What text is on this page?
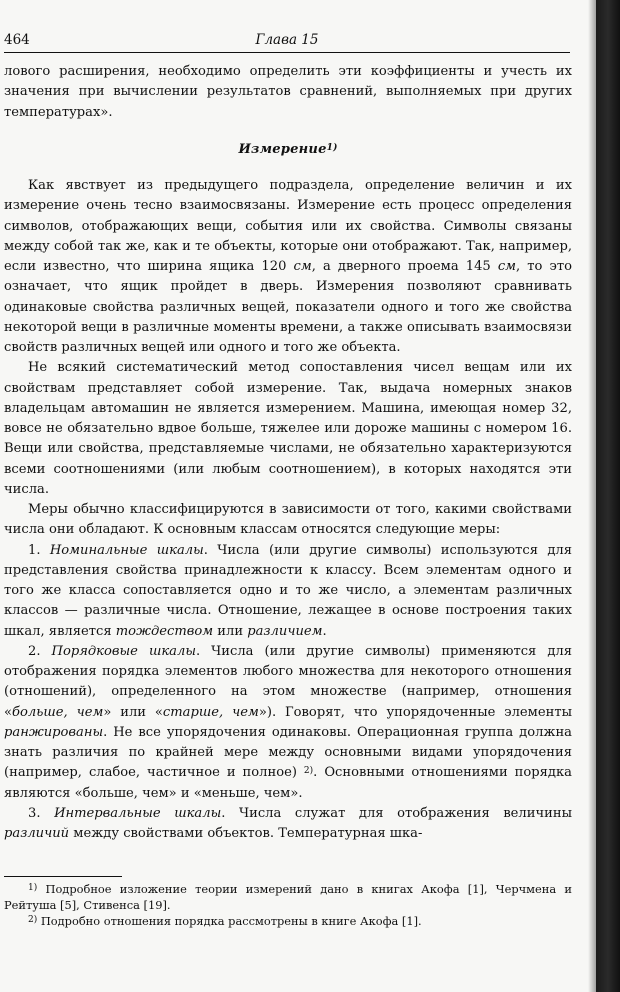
464	Глава 15

лового расширения, необходимо определить эти коэффициенты и учесть их значения при вычислении результатов сравнений, выполняемых при других температурах».

Измерение$^{1)}$

Как явствует из предыдущего подраздела, определение величин и их измерение очень тесно взаимосвязаны. Измерение есть процесс определения символов, отображающих вещи, события или их свойства. Символы связаны между собой так же, как и те объекты, которые они отображают. Так, например, если известно, что ширина ящика 120 см, а дверного проема 145 см, то это означает, что ящик пройдет в дверь. Измерения позволяют сравнивать одинаковые свойства различных вещей, показатели одного и того же свойства некоторой вещи в различные моменты времени, а также описывать взаимосвязи свойств различных вещей или одного и того же объекта.

Не всякий систематический метод сопоставления чисел вещам или их свойствам представляет собой измерение. Так, выдача номерных знаков владельцам автомашин не является измерением. Машина, имеющая номер 32, вовсе не обязательно вдвое больше, тяжелее или дороже машины с номером 16. Вещи или свойства, представляемые числами, не обязательно характеризуются всеми соотношениями (или любым соотношением), в которых находятся эти числа.

Меры обычно классифицируются в зависимости от того, какими свойствами числа они обладают. К основным классам относятся следующие меры:

1. Номинальные шкалы. Числа (или другие символы) используются для представления свойства принадлежности к классу. Всем элементам одного и того же класса сопоставляется одно и то же число, а элементам различных классов — различные числа. Отношение, лежащее в основе построения таких шкал, является тождеством или различием.

2. Порядковые шкалы. Числа (или другие символы) применяются для отображения порядка элементов любого множества для некоторого отношения (отношений), определенного на этом множестве (например, отношения «больше, чем» или «старше, чем»). Говорят, что упорядоченные элементы ранжированы. Не все упорядочения одинаковы. Операционная группа должна знать различия по крайней мере между основными видами упорядочения (например, слабое, частичное и полное) $^{2)}$. Основными отношениями порядка являются «больше, чем» и «меньше, чем».

3. Интервальные шкалы. Числа служат для отображения величины различий между свойствами объектов. Температурная шка-

$^{1)}$ Подробное изложение теории измерений дано в книгах Акофа [1], Черчмена и Рейтуша [5], Стивенса [19].

$^{2)}$ Подробно отношения порядка рассмотрены в книге Акофа [1].
